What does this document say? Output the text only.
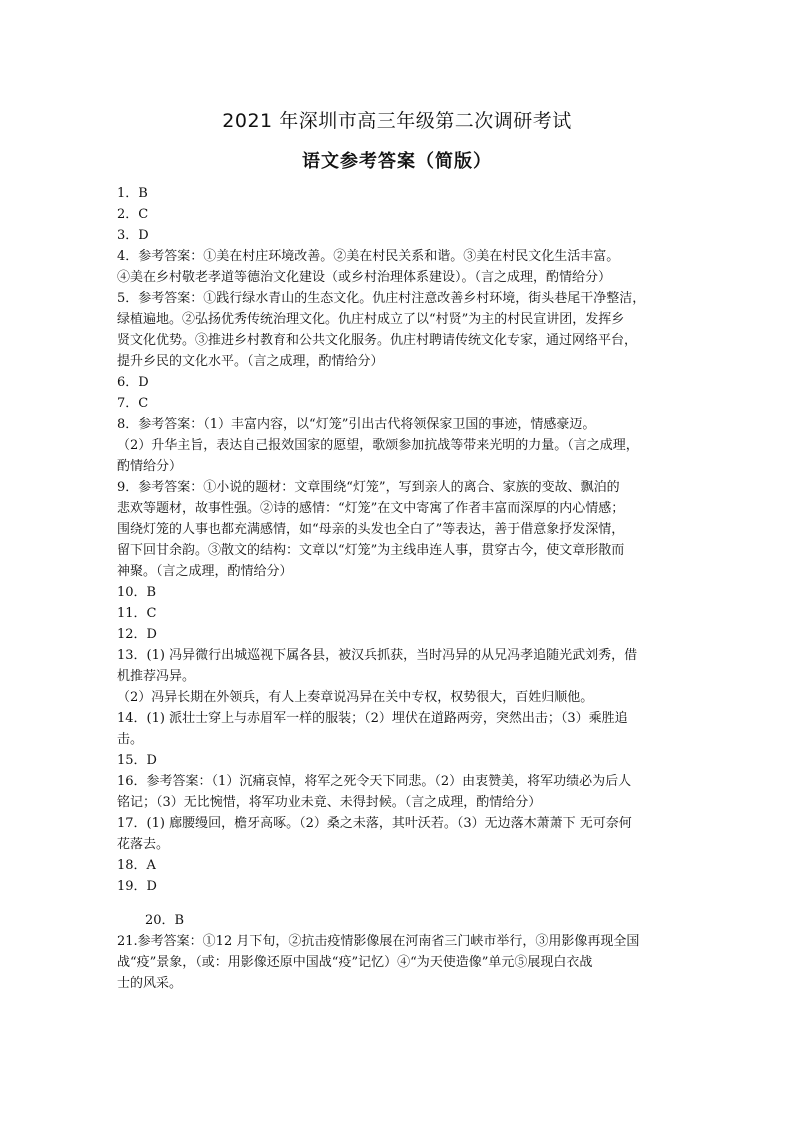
2021 年深圳市高三年级第二次调研考试
语文参考答案（简版）
1．B
2．C
3．D
4．参考答案：①美在村庄环境改善。②美在村民关系和谐。③美在村民文化生活丰富。
④美在乡村敬老孝道等德治文化建设（或乡村治理体系建设）。（言之成理，酌情给分）
5．参考答案：①践行绿水青山的生态文化。仇庄村注意改善乡村环境，街头巷尾干净整洁，
绿植遍地。②弘扬优秀传统治理文化。仇庄村成立了以“村贤”为主的村民宣讲团，发挥乡
贤文化优势。③推进乡村教育和公共文化服务。仇庄村聘请传统文化专家，通过网络平台，
提升乡民的文化水平。（言之成理，酌情给分）
6．D
7．C
8．参考答案：（1）丰富内容，以“灯笼”引出古代将领保家卫国的事迹，情感豪迈。
（2）升华主旨，表达自己报效国家的愿望，歌颂参加抗战等带来光明的力量。（言之成理，
酌情给分）
9．参考答案：①小说的题材：文章围绕“灯笼”，写到亲人的离合、家族的变故、飘泊的
悲欢等题材，故事性强。②诗的感情：“灯笼”在文中寄寓了作者丰富而深厚的内心情感；
围绕灯笼的人事也都充满感情，如“母亲的头发也全白了”等表达，善于借意象抒发深情，
留下回甘余韵。③散文的结构：文章以“灯笼”为主线串连人事，贯穿古今，使文章形散而
神聚。（言之成理，酌情给分）
10．B
11．C
12．D
13．(1) 冯异微行出城巡视下属各县，被汉兵抓获，当时冯异的从兄冯孝追随光武刘秀，借
机推荐冯异。
（2）冯异长期在外领兵，有人上奏章说冯异在关中专权，权势很大，百姓归顺他。
14．(1) 派壮士穿上与赤眉军一样的服装；（2）埋伏在道路两旁，突然出击；（3）乘胜追
击。
15．D
16．参考答案：（1）沉痛哀悼，将军之死令天下同悲。（2）由衷赞美，将军功绩必为后人
铭记；（3）无比惋惜，将军功业未竟、未得封候。（言之成理，酌情给分）
17．(1) 廊腰缦回，檐牙高啄。（2）桑之未落，其叶沃若。（3）无边落木萧萧下 无可奈何
花落去。
18．A
19．D
20．B
21.参考答案：①12 月下旬，②抗击疫情影像展在河南省三门峡市举行，③用影像再现全国
战“疫”景象，（或：用影像还原中国战“疫”记忆）④“为天使造像”单元⑤展现白衣战
士的风采。
